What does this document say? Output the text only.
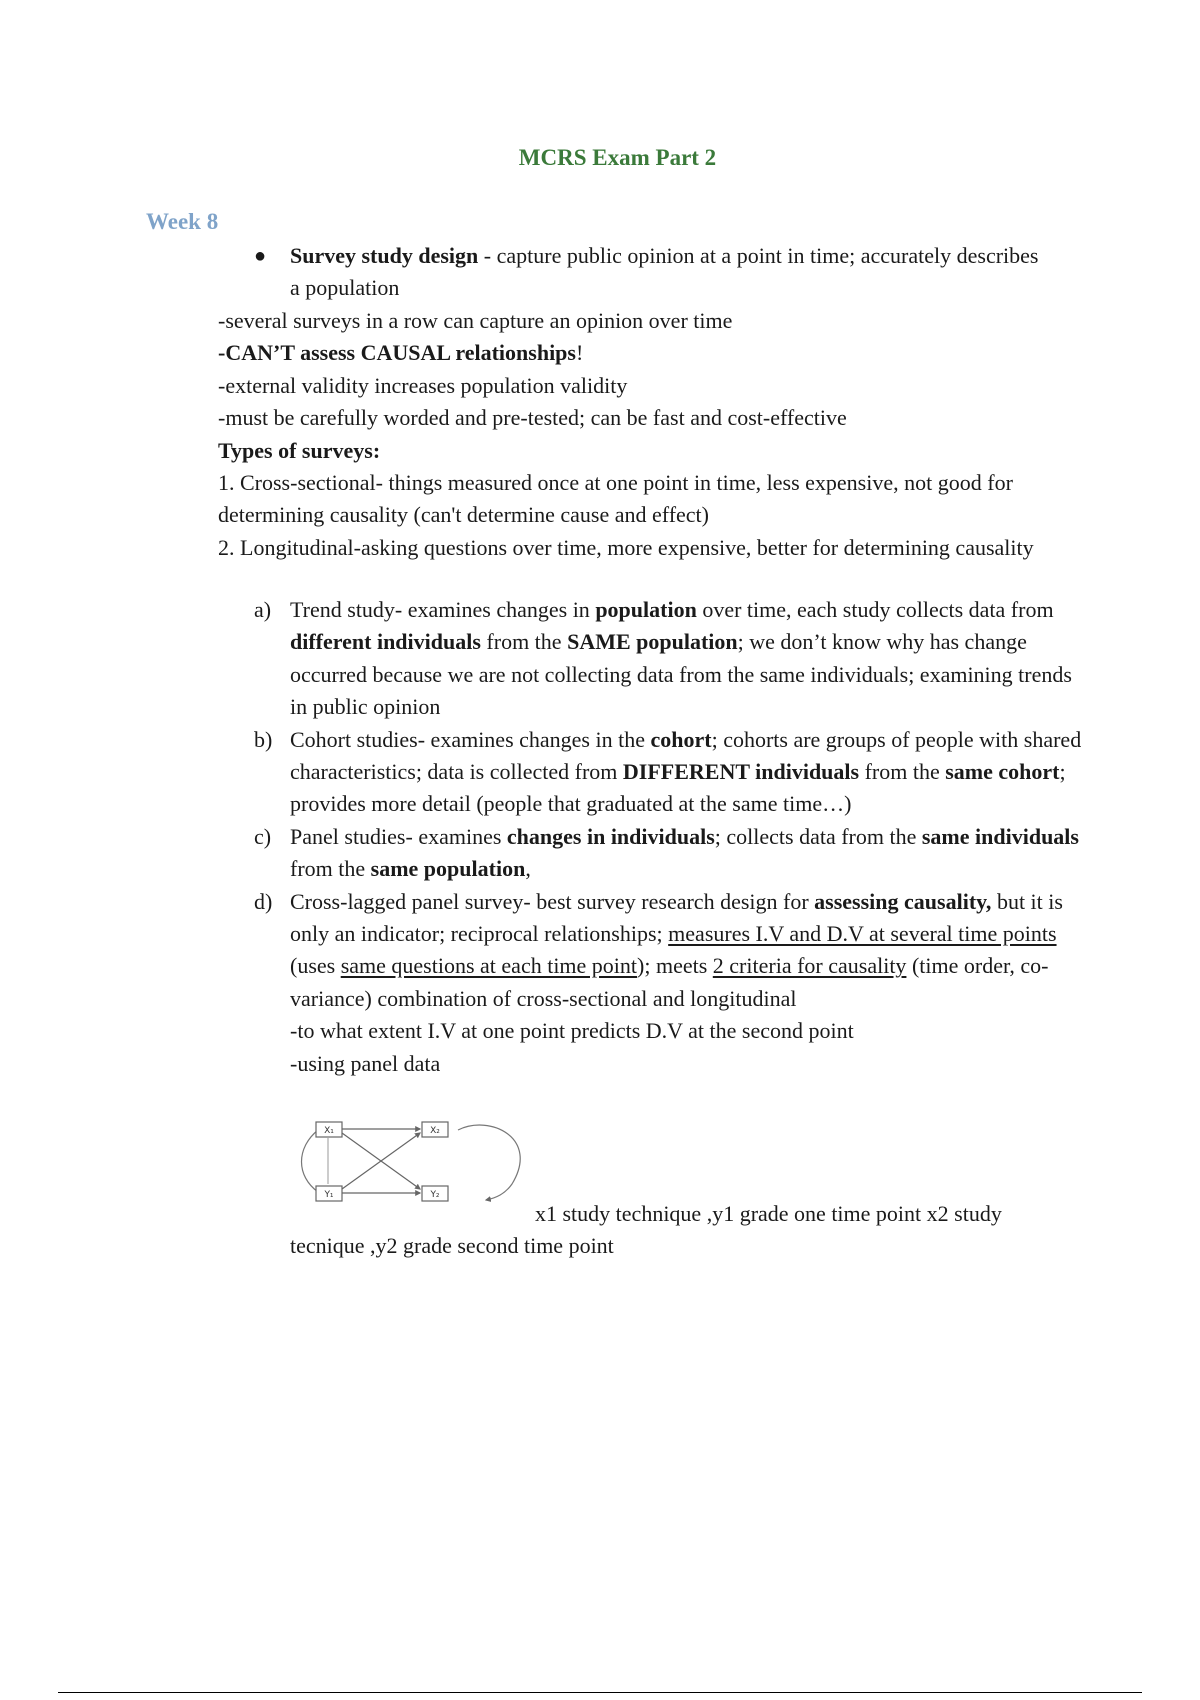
MCRS Exam Part 2
Week 8
● Survey study design - capture public opinion at a point in time; accurately describes a population

-several surveys in a row can capture an opinion over time

-CAN’T assess CAUSAL relationships!

-external validity increases population validity

-must be carefully worded and pre-tested; can be fast and cost-effective

Types of surveys:

1. Cross-sectional- things measured once at one point in time, less expensive, not good for determining causality (can't determine cause and effect)

2. Longitudinal-asking questions over time, more expensive, better for determining causality

a) Trend study- examines changes in population over time, each study collects data from different individuals from the SAME population; we don’t know why has change occurred because we are not collecting data from the same individuals; examining trends in public opinion

b) Cohort studies- examines changes in the cohort; cohorts are groups of people with shared characteristics; data is collected from DIFFERENT individuals from the same cohort; provides more detail (people that graduated at the same time…)

c) Panel studies- examines changes in individuals; collects data from the same individuals from the same population,

d) Cross-lagged panel survey- best survey research design for assessing causality, but it is only an indicator; reciprocal relationships; measures I.V and D.V at several time points (uses same questions at each time point); meets 2 criteria for causality (time order, co-variance) combination of cross-sectional and longitudinal

-to what extent I.V at one point predicts D.V at the second point

-using panel data

X₁	X₂
Y₁	Y₂

x1 study technique ,y1 grade one time point x2 study

tecnique ,y2 grade second time point
